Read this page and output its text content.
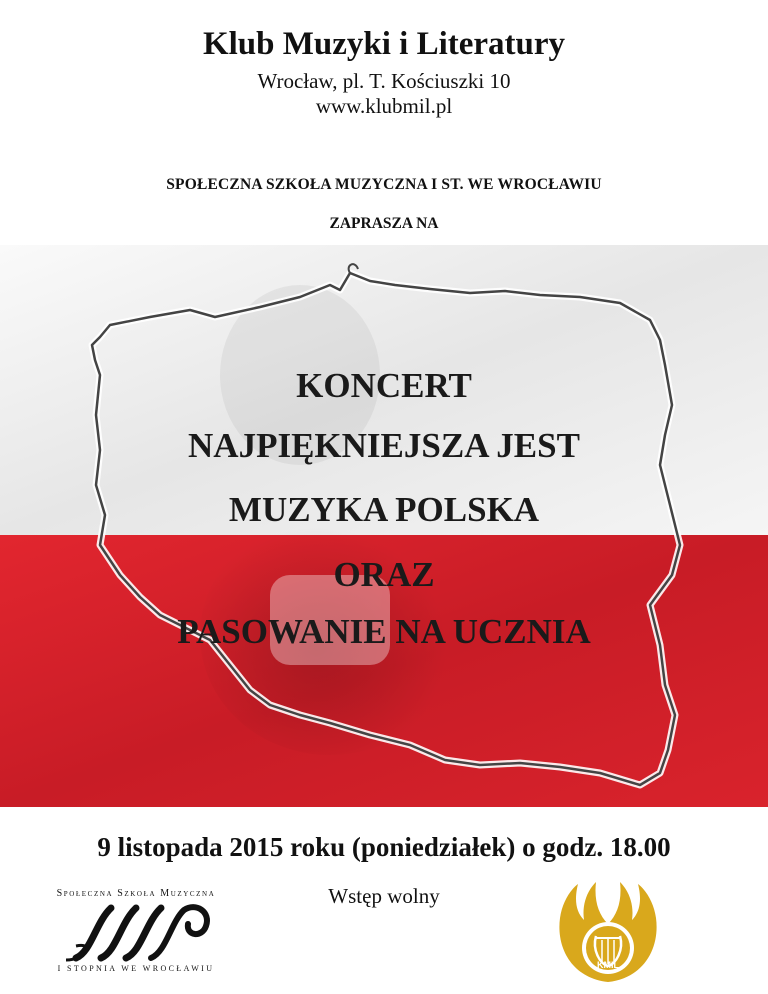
Klub Muzyki i Literatury
Wrocław, pl. T. Kościuszki 10
www.klubmil.pl
SPOŁECZNA SZKOŁA MUZYCZNA I ST. WE WROCŁAWIU
ZAPRASZA NA
KONCERT
NAJPIĘKNIEJSZA JEST
MUZYKA POLSKA
ORAZ
PASOWANIE NA UCZNIA
9 listopada 2015 roku (poniedziałek) o godz. 18.00
Wstęp wolny
Społeczna Szkoła Muzyczna
I STOPNIA WE WROCŁAWIU
W
KMIL
